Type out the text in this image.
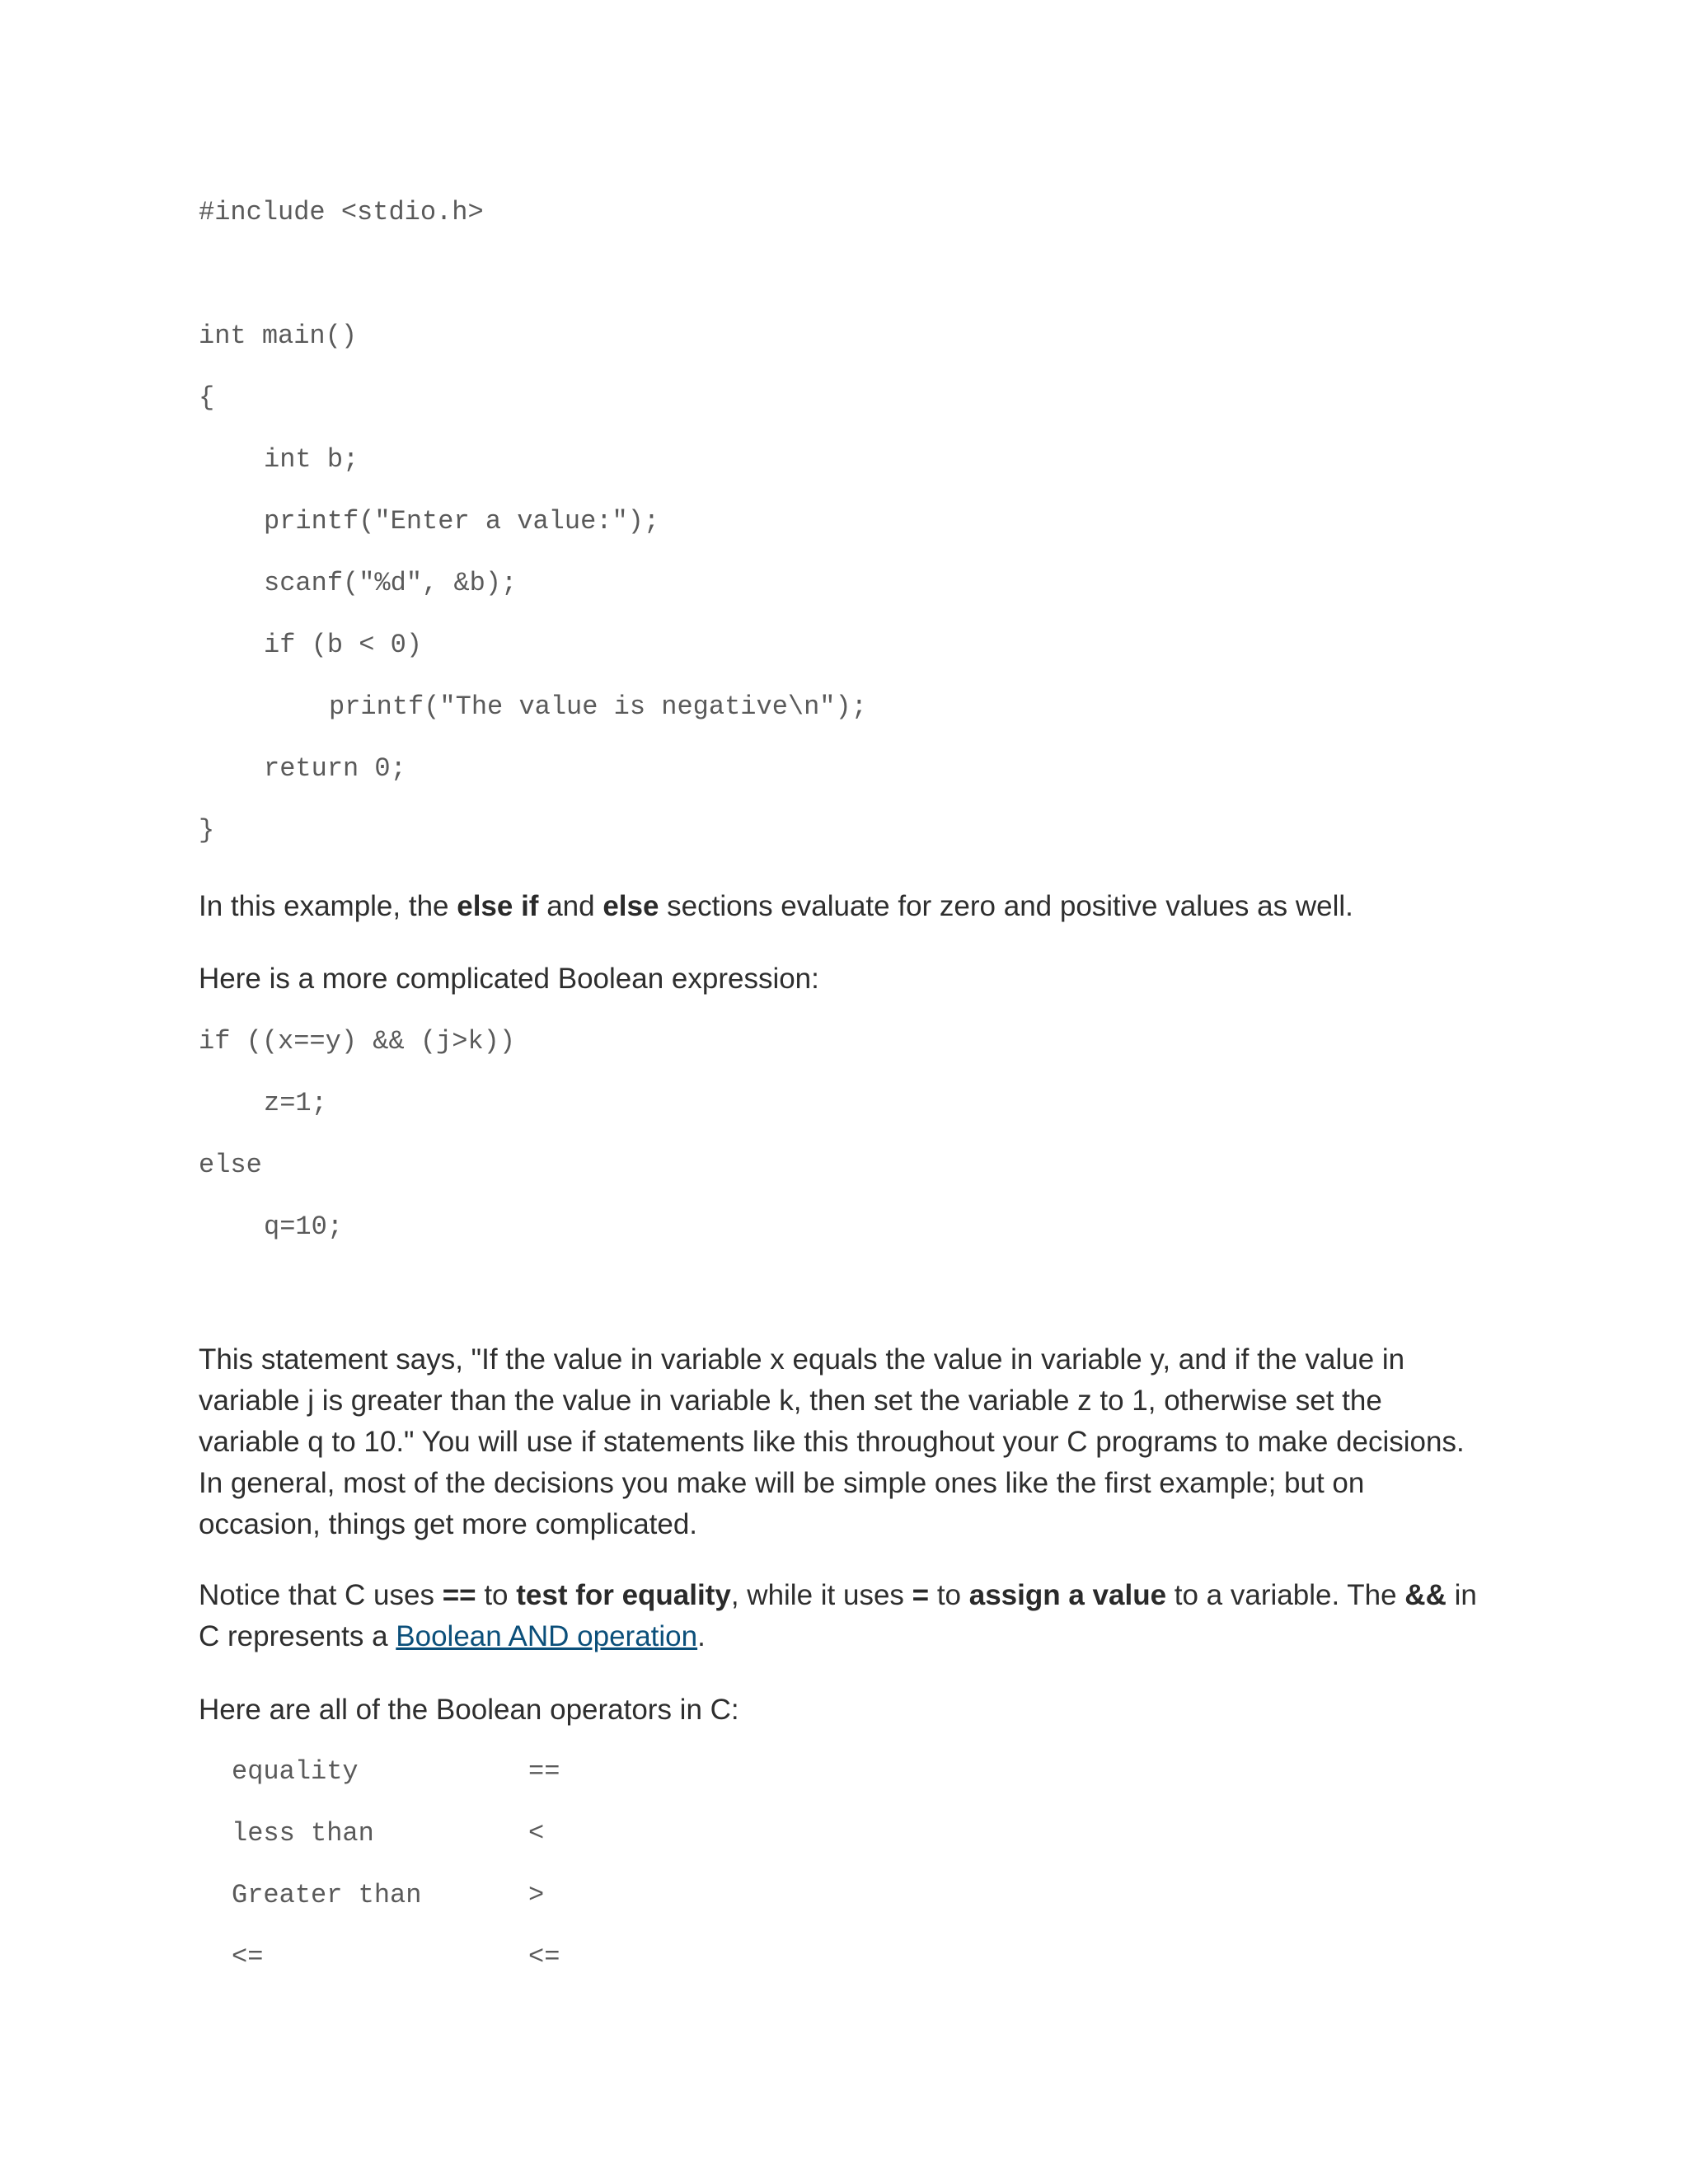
#include <stdio.h>
int main()
{
int b;
printf("Enter a value:");
scanf("%d", &b);
if (b < 0)
printf("The value is negative\n");
return 0;
}
In this example, the else if and else sections evaluate for zero and positive values as well.
Here is a more complicated Boolean expression:
if ((x==y) && (j>k))
z=1;
else
q=10;
This statement says, "If the value in variable x equals the value in variable y, and if the value in variable j is greater than the value in variable k, then set the variable z to 1, otherwise set the variable q to 10." You will use if statements like this throughout your C programs to make decisions. In general, most of the decisions you make will be simple ones like the first example; but on occasion, things get more complicated.
Notice that C uses == to test for equality, while it uses = to assign a value to a variable. The && in C represents a Boolean AND operation.
Here are all of the Boolean operators in C:
equality	==
less than	<
Greater than	>
<=	<=
